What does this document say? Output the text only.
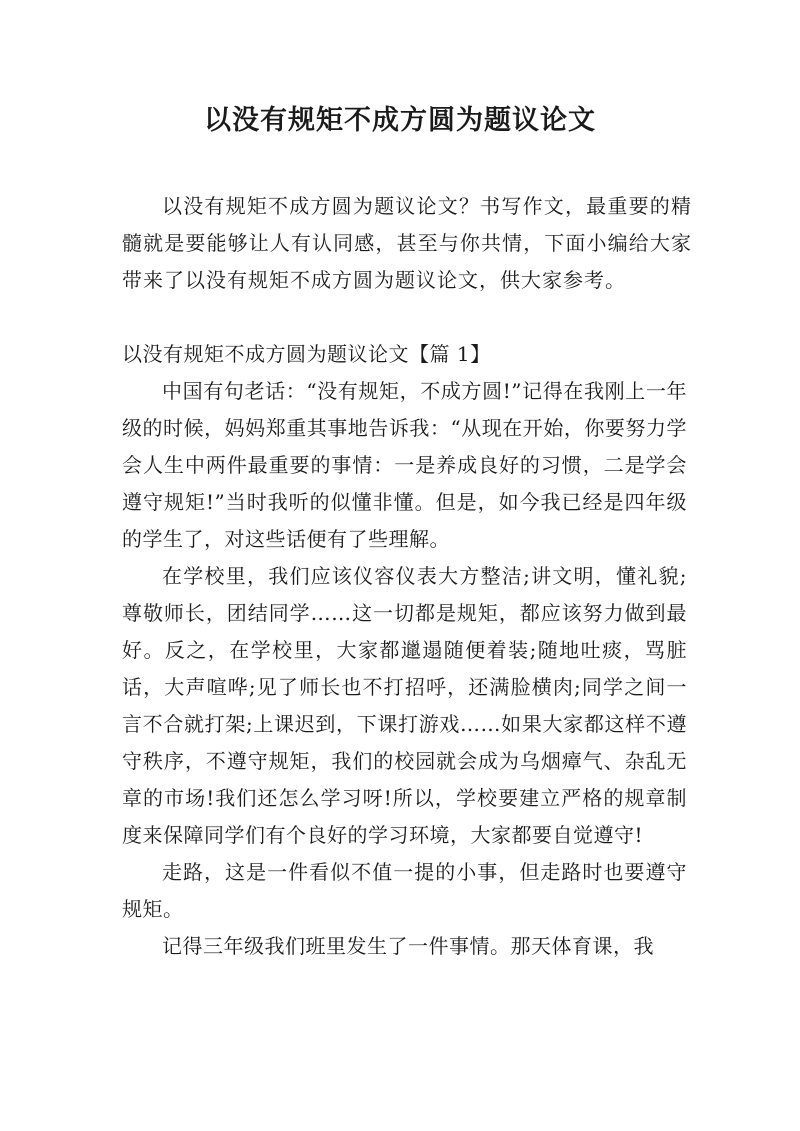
以没有规矩不成方圆为题议论文

以没有规矩不成方圆为题议论文？书写作文，最重要的精髓就是要能够让人有认同感，甚至与你共情，下面小编给大家带来了以没有规矩不成方圆为题议论文，供大家参考。

以没有规矩不成方圆为题议论文【篇 1】

中国有句老话：“没有规矩，不成方圆!”记得在我刚上一年级的时候，妈妈郑重其事地告诉我：“从现在开始，你要努力学会人生中两件最重要的事情：一是养成良好的习惯，二是学会遵守规矩!”当时我听的似懂非懂。但是，如今我已经是四年级的学生了，对这些话便有了些理解。

在学校里，我们应该仪容仪表大方整洁;讲文明，懂礼貌;尊敬师长，团结同学……这一切都是规矩，都应该努力做到最好。反之，在学校里，大家都邋遢随便着装;随地吐痰，骂脏话，大声喧哗;见了师长也不打招呼，还满脸横肉;同学之间一言不合就打架;上课迟到，下课打游戏……如果大家都这样不遵守秩序，不遵守规矩，我们的校园就会成为乌烟瘴气、杂乱无章的市场!我们还怎么学习呀!所以，学校要建立严格的规章制度来保障同学们有个良好的学习环境，大家都要自觉遵守!

走路，这是一件看似不值一提的小事，但走路时也要遵守规矩。

记得三年级我们班里发生了一件事情。那天体育课，我
